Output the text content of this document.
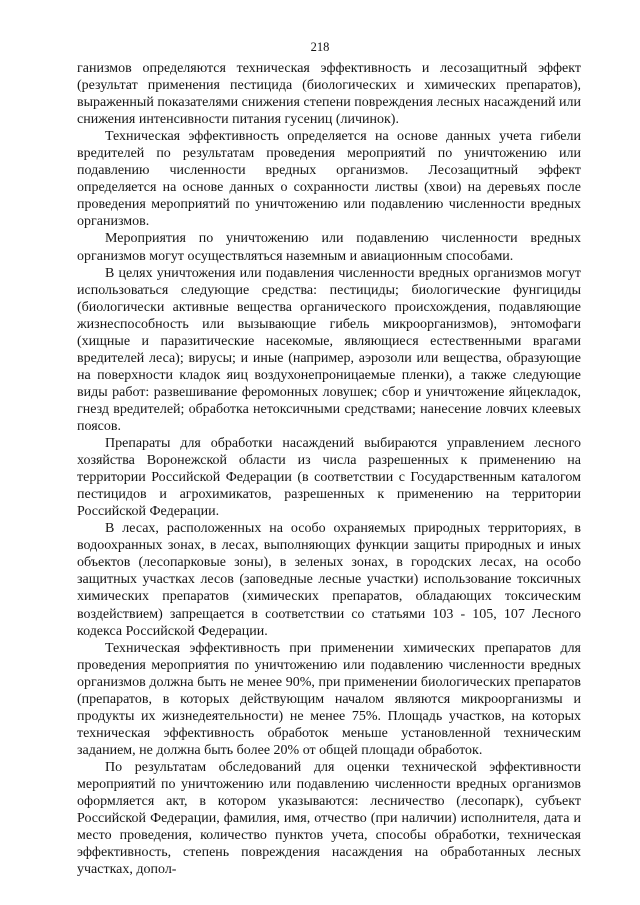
218

ганизмов определяются техническая эффективность и лесозащитный эффект (результат применения пестицида (биологических и химических препаратов), выраженный показателями снижения степени повреждения лесных насаждений или снижения интенсивности питания гусениц (личинок).

Техническая эффективность определяется на основе данных учета гибели вредителей по результатам проведения мероприятий по уничтожению или подавлению численности вредных организмов. Лесозащитный эффект определяется на основе данных о сохранности листвы (хвои) на деревьях после проведения мероприятий по уничтожению или подавлению численности вредных организмов.

Мероприятия по уничтожению или подавлению численности вредных организмов могут осуществляться наземным и авиационным способами.

В целях уничтожения или подавления численности вредных организмов могут использоваться следующие средства: пестициды; биологические фунгициды (биологически активные вещества органического происхождения, подавляющие жизнеспособность или вызывающие гибель микроорганизмов), энтомофаги (хищные и паразитические насекомые, являющиеся естественными врагами вредителей леса); вирусы; и иные (например, аэрозоли или вещества, образующие на поверхности кладок яиц воздухонепроницаемые пленки), а также следующие виды работ: развешивание феромонных ловушек; сбор и уничтожение яйцекладок, гнезд вредителей; обработка нетоксичными средствами; нанесение ловчих клеевых поясов.

Препараты для обработки насаждений выбираются управлением лесного хозяйства Воронежской области из числа разрешенных к применению на территории Российской Федерации (в соответствии с Государственным каталогом пестицидов и агрохимикатов, разрешенных к применению на территории Российской Федерации.

В лесах, расположенных на особо охраняемых природных территориях, в водоохранных зонах, в лесах, выполняющих функции защиты природных и иных объектов (лесопарковые зоны), в зеленых зонах, в городских лесах, на особо защитных участках лесов (заповедные лесные участки) использование токсичных химических препаратов (химических препаратов, обладающих токсическим воздействием) запрещается в соответствии со статьями 103 - 105, 107 Лесного кодекса Российской Федерации.

Техническая эффективность при применении химических препаратов для проведения мероприятия по уничтожению или подавлению численности вредных организмов должна быть не менее 90%, при применении биологических препаратов (препаратов, в которых действующим началом являются микроорганизмы и продукты их жизнедеятельности) не менее 75%. Площадь участков, на которых техническая эффективность обработок меньше установленной техническим заданием, не должна быть более 20% от общей площади обработок.

По результатам обследований для оценки технической эффективности мероприятий по уничтожению или подавлению численности вредных организмов оформляется акт, в котором указываются: лесничество (лесопарк), субъект Российской Федерации, фамилия, имя, отчество (при наличии) исполнителя, дата и место проведения, количество пунктов учета, способы обработки, техническая эффективность, степень повреждения насаждения на обработанных лесных участках, допол-
